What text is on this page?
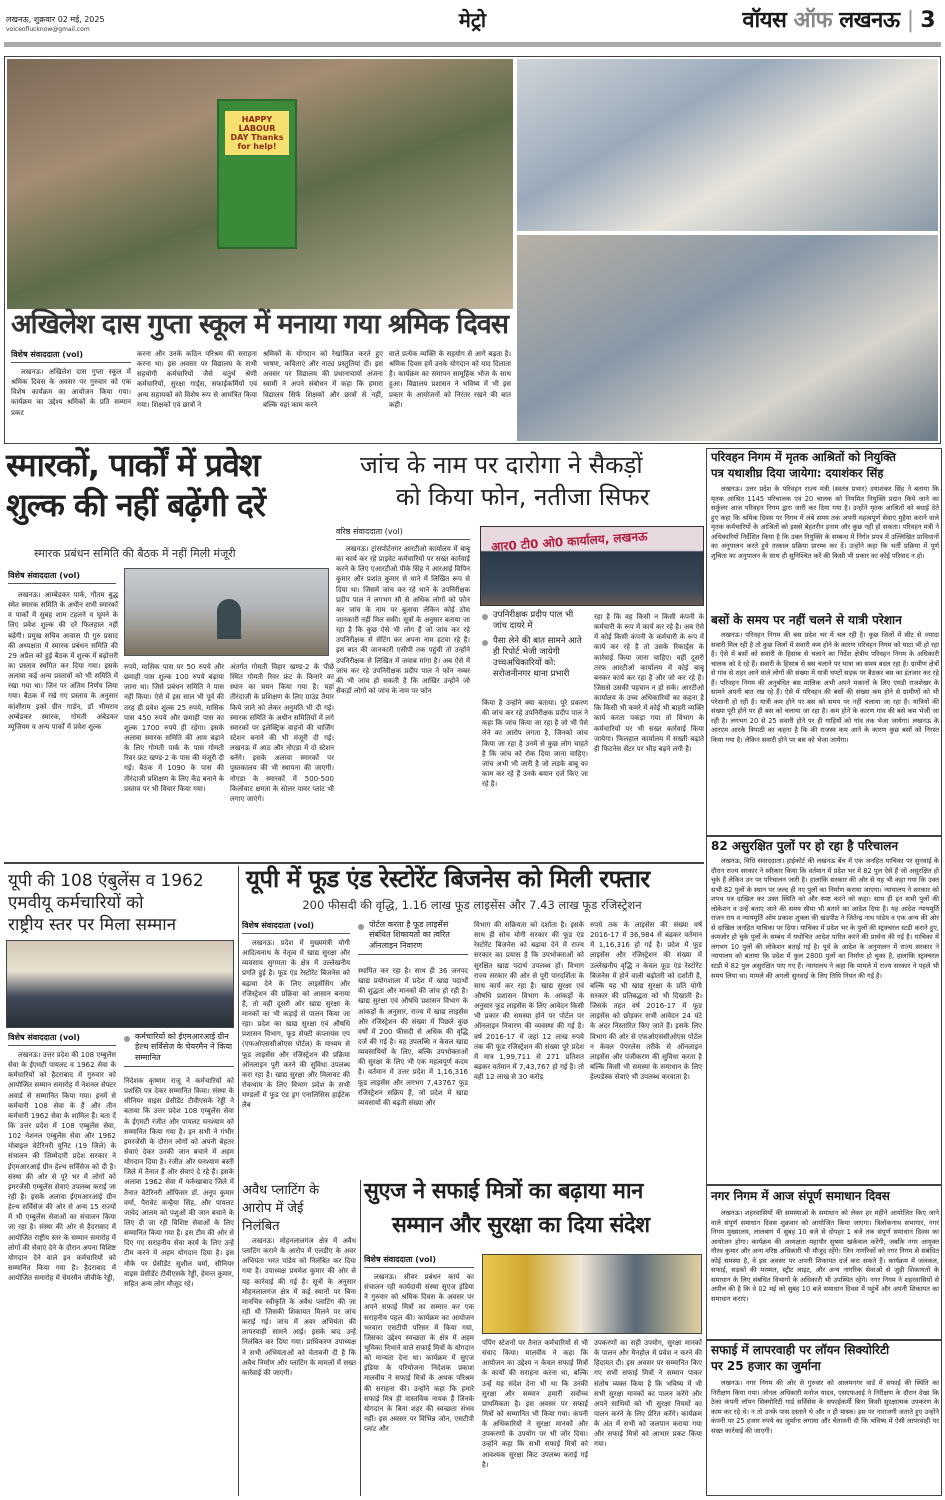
लखनऊ, शुक्रवार 02 मई, 2025
voiceoflucknow@gmail.com	मेट्रो	वॉयस ऑफ लखनऊ | 3
HAPPY LABOUR DAY Thanks for help!
अखिलेश दास गुप्ता स्कूल में मनाया गया श्रमिक दिवस
विशेष संवाददाता (vol)
लखनऊ। अखिलेश दास गुप्ता स्कूल में श्रमिक दिवस के अवसर पर गुरुवार को एक विशेष कार्यक्रम का आयोजन किया गया। कार्यक्रम का उद्देश्य श्रमिकों के प्रति सम्मान प्रकट
करना और उनके कठिन परिश्रम की सराहना करना था। इस अवसर पर विद्यालय के सभी सहयोगी कर्मचारियों जैसे चतुर्थ श्रेणी कर्मचारियों, सुरक्षा गार्ड्स, सफाईकर्मियों एवं अन्य सहायकों को विशेष रूप से आमंत्रित किया गया। शिक्षकों एवं छात्रों ने
श्रमिकों के योगदान को रेखांकित करते हुए भाषण, कविताएं और नाट्य प्रस्तुतियां दीं। इस अवसर पर विद्यालय की प्रधानाचार्या अंजना स्वामी ने अपने संबोधन में कहा कि हमारा विद्यालय सिर्फ शिक्षकों और छात्रों से नहीं, बल्कि यहां काम करने
वाले प्रत्येक व्यक्ति के सहयोग से आगे बढ़ता है। श्रमिक दिवस हमें उनके योगदान को याद दिलाता है। कार्यक्रम का समापन सामूहिक भोज के साथ हुआ। विद्यालय प्रशासन ने भविष्य में भी इस प्रकार के आयोजनों को निरंतर रखने की बात कही।
स्मारकों, पार्कों में प्रवेश
शुल्क की नहीं बढ़ेंगी दरें
स्मारक प्रबंधन समिति की बैठक में नहीं मिली मंजूरी
विशेष संवाददाता (vol)
लखनऊ। आम्बेडकर पार्क, गौतम बुद्ध स्मेत स्मारक समिति के अधीन सभी स्मारकों व पार्कों में सुबह शाम टहलने व घूमने के लिए प्रवेश शुल्क की दरें फिलहाल नहीं बढ़ेंगी। प्रमुख सचिव आवास पी गुरु प्रसाद की अध्यक्षता में स्मारक प्रबंधन समिति की 29 अप्रैल को हुई बैठक में शुल्क में बढ़ोत्तरी का प्रस्ताव स्थगित कर दिया गया। इसके अलावा कई अन्य प्रस्तावों को भी समिति में रखा गया था। जिन पर अंतिम निर्णय लिया गया। बैठक में रखे गए प्रस्ताव के अनुसार कांशीराम इको ग्रीन गार्डन, डॉ भीमराव अम्बेडकर स्मारक, गोमती अंबेडकर म्यूजियम व अन्य पार्कों में प्रवेश शुल्क
रुपये, मासिक पास पर 50 रुपये और छमाही पास शुल्क 100 रुपये बढ़ाया जाना था। जिसे प्रबंधन समिति ने पास नहीं किया। ऐसे में इस साल भी पूर्व की तरह ही प्रवेश शुल्क 25 रुपये, मासिक पास 450 रुपये और छमाही पास का शुल्क 1700 रुपये ही रहेगा। इसके अलावा स्मारक समिति की आय बढ़ाने के लिए गोमती पार्क के पास गोमती रिवर फ्रंट खण्ड-2 के पास की मंजूरी दी गई। बैठक में 1090 के पास की तीरंदाजी प्रशिक्षण के लिए केंद्र बनाने के प्रस्ताव पर भी विचार किया गया।
अंतर्गत गोमती विहार खण्ड-2 के पीछे स्थित गोमती रिवर फ्रंट के किनारे का स्थान का चयन किया गया है। यहां तीरंदाजी के प्रशिक्षण के लिए ग्राउंड तैयार किये जाने को लेकर अनुमति भी दी गई। स्मारक समिति के अधीन समितियों में लगे स्मारकों पर इलेक्ट्रिक वाहनों की चार्जिंग स्टेशन बनाने की भी मंजूरी दी गई। लखनऊ में आठ और नोएडा में दो स्टेशन बनेंगे। इसके अलावा स्मारकों पर पुस्तकालय की भी स्थापना की जाएगी। नोएडा के स्मारकों में 500-500 किलोवाट क्षमता के सोलर पावर प्लांट भी लगाए जाएंगे।
जांच के नाम पर दारोगा ने सैकड़ों
को किया फोन, नतीजा सिफर
वरिष्ठ संवाददाता (vol)	आर0 टी0 ओ0 कार्यालय, लखनऊ
लखनऊ। ट्रांसपोर्टनगर आरटीओ कार्यालय में बाबू का कार्य कर रहे प्राइवेट कर्मचारियों पर सख्त कार्रवाई करने के लिए एआरटीओ पीके सिंह ने आरआई विपिन कुमार और प्रशांत कुमार से थाने में लिखित रूप से दिया था। जिसमें जांच कर रहे थाने के उपनिरीक्षक प्रदीप पाल ने लगभग सौ से अधिक लोगों को फोन कर जांच के नाम पर बुलाया लेकिन कोई ठोस जानकारी नहीं मिल सकी। सूत्रों के अनुसार बताया जा रहा है कि कुछ ऐसे भी लोग हैं जो जांच कर रहे उपनिरीक्षक से सेटिंग कर अपना नाम हटवा रहे हैं। इस बात की जानकारी एसीपी तक पहुंची तो उन्होंने उपनिरीक्षक से लिखित में जवाब मांगा है। अब ऐसे में जांच कर रहे उपनिरीक्षक प्रदीप पाल ने फोन नम्बर की भी जांच हो सकती है कि आखिर उन्होंने जो सैकड़ों लोगों को जांच के नाम पर फोन
उपनिरीक्षक प्रदीप पाल भी जांच दायरे में
पैसा लेने की बात सामने आते ही रिपोर्ट भेजी जायेगी उच्चअधिकारियों को: सरोजनीनगर थाना प्रभारी
किया है उन्होंने क्या बताया। पूरे प्रकरण की जांच कर रहे उपनिरीक्षक प्रदीप पाल ने कहा कि जांच किया जा रहा है जो भी पैसे लेने का आरोप लगता है, जिनको जांच किया जा रहा है उनमें से कुछ लोग चाहते है कि जांच को रोक दिया जाना चाहिए। जांच अभी भी जारी है जो लड़के बाबू का काम कर रहे हैं उनके बयान दर्ज किए जा रहे है।
रहा है कि वह किसी न किसी कंपनी के कर्मचारी के रूप में कार्य कर रहे है। अब ऐसे में कोई किसी कंपनी के कर्मचारी के रूप में कार्य कर रहे है तो उसके रिकार्ड्स के कार्रवाई किया जाना चाहिए। वहीं दूसरी तरफ आरटीओ कार्यालय में कोई बाबू बनकर कार्य कर रहा है और जो कर रहे है। जिससे उसकी पहचान न हो सके। आरटीओ कार्यालय के उच्च अधिकारियों का कहना है कि किसी भी कमरे में कोई भी बाहरी व्यक्ति कार्य करता पकड़ा गया तो विभाग के कर्मचारियों पर भी सख्त कार्रवाई किया जायेगा। फिलहाल कार्यालय में सख्ती बढ़ाते ही फिटनेस सेंटर पर भीड़ बढ़ने लगी है।
परिवहन निगम में मृतक आश्रितों को नियुक्ति
पत्र यथाशीघ्र दिया जायेगा: दयाशंकर सिंह
लखनऊ। उत्तर प्रदेश के परिवहन राज्य मंत्री (स्वतंत्र प्रभार) दयाशंकर सिंह ने बताया कि मृतक आश्रित 1145 परिचालक एवं 20 चालक को नियमित नियुक्ति प्रदान किये जाने का सर्कुलर आज परिवहन निगम द्वारा जारी कर दिया गया है। उन्होंने मृतक आश्रितों को बधाई देते हुए कहा कि श्रमिक दिवस पर निगम में लंबे समय तक अपनी महत्वपूर्ण सेवाएं मुहैया कराने वाले मृतक कर्मचारियों के आश्रितों को इससे बेहतरीन इनाम और कुछ नहीं हो सकता। परिवहन मंत्री ने अधिकारियों निर्देशित किया है कि उक्त नियुक्ति के सम्बन्ध में निर्गत प्रपत्र में उल्लिखित प्राविधानों का अनुपालन करते हुये तत्काल प्रक्रिया प्रारम्भ कर दें। उन्होंने कहा कि भर्ती प्रक्रिया में पूर्ण शुचिता का अनुपालन के साथ ही सुनिश्चित करें की किसी भी प्रकार का कोई परिवाद न हो।
बसों के समय पर नहीं चलने से यात्री परेशान
लखनऊ। परिवहन निगम की बस प्रदेश भर में चल रही है। कुछ जिलों में सीट से ज्यादा सवारी मिल रही है तो कुछ जिलों में सवारी कम होने के कारण परिवहन निगम को घाटा भी हो रहा है। ऐसे में बसों को सवारी के हिसाब से चलाने का निर्देश क्षेत्रीय परिवहन निगम के अधिकारी चालक को दे रहे हैं। सवारी के हिसाब से बस चलाने पर यात्रा का समय बदल रहा है। ग्रामीण क्षेत्रों से गांव से शहर आने वाले लोगों की संख्या में यात्री घण्टों सड़क पर बैठकर बस का इंतजार कर रहे हैं। परिवहन निगम की अनुबंधित बस मालिक अभी अपने मकानों के लिए एमडी राजशेखर के सामने अपनी बात रख रहे हैं। ऐसे में परिवहन की बसों की संख्या कम होने से ग्रामीणों को भी परेशानी हो रही है। यात्री कम होने पर बस को समय पर नहीं चलाया जा रहा है। यात्रियों की संख्या पूरी होने पर ही बस को चलाया जा रहा है। कम होने के कारण गांव की बसे कम भेजी जा रही है। लगभग 20 से 25 सवारी होने पर ही गाड़ियों को गांव तक भेजा जायेगा। लखनऊ के आरएम आरके त्रिपाठी का कहना है कि की राजस्व कम आने के कारण कुछ बसों को निरस्त किया गया है। लेकिन सवारी होने पर बस को भेजा जायेगा।
82 असुरक्षित पुलों पर हो रहा है परिचालन
लखनऊ, विधि संवाददाता। हाईकोर्ट की लखनऊ बेंच में एक जनहित याचिका पर सुनवाई के दौरान राज्य सरकार ने स्वीकार किया कि वर्तमान में प्रदेश भर में 82 पुल ऐसे हैं जो असुरक्षित हो चुके हैं लेकिन उन पर परिचालन जारी है। हालांकि सरकार की ओर से यह भी कहा गया कि उक्त सभी 82 पुलों के स्थान पर जल्द ही नए पुलों का निर्माण कराया जाएगा। न्यायालय ने सरकार को शपथ पत्र दाखिल कर उक्त स्थिति को और स्पष्ट करने को कहा। साथ ही इन सभी पुलों की लोकेशन व उन्हें बनाए जाने की समय सीमा भी बताने का आदेश दिया है। यह आदेश न्यायमूर्ति राजन राय व न्यायमूर्ति ओम प्रकाश शुक्ला की खंडपीठ ने जितेन्द्र नाथ पांडेय व एक अन्य की ओर से दाखिल जनहित याचिका पर दिया। याचिका में प्रदेश भर के पुलों की स्ट्रक्चरल स्टडी कराने हुए, कमजोर हो चुके पुलों के सम्बंध में यथोचित आदेश पारित करने की प्रार्थना की गई है। याचिका में लगभग 10 पुलों की लोकेशन बताई गई है। पूर्व के आदेश के अनुपालन में राज्य सरकार ने न्यायालय को बताया कि प्रदेश में कुल 2800 पुलों का निर्माण हो चुका है, हालांकि स्ट्रक्चरल स्टडी में 82 पुल असुरक्षित पाए गए हैं। न्यायालय ने कहा कि मामले में राज्य सरकार ने पहले भी समय लिया था। मामले की अगली सुनवाई के लिए तिथि नियत की गई है।
नगर निगम में आज संपूर्ण समाधान दिवस
लखनऊ। शहरवासियों की समस्याओं के समाधान को लेकर हर महीने आयोजित किए जाने वाले संपूर्ण समाधान दिवस शुक्रवार को आयोजित किया जाएगा। त्रिलोकनाथ सभागार, नगर निगम मुख्यालय, लालबाग में सुबह 10 बजे से दोपहर 1 बजे तक संपूर्ण समाधान दिवस का आयोजन होगा। कार्यक्रम की अध्यक्षता महापौर सुषमा खर्कवाल करेंगी, जबकि नगर आयुक्त गौरव कुमार और अन्य वरिष्ठ अधिकारी भी मौजूद रहेंगे। जिन नागरिकों को नगर निगम से संबंधित कोई समस्या है, वे इस अवसर पर अपनी शिकायत दर्ज करा सकते हैं। कार्यक्रम में जलकल, सफाई, सड़कों की मरम्मत, स्ट्रीट लाइट, और अन्य नागरिक सेवाओं से जुड़ी शिकायतों के समाधान के लिए संबंधित विभागों के अधिकारी भी उपस्थित रहेंगे। नगर निगम ने शहरवासियों से अपील की है कि वे 02 मई को सुबह 10 बजे समाधान दिवस में पहुंचें और अपनी शिकायत का समाधान कराएं।
सफाई में लापरवाही पर लॉयन सिक्योरिटी
पर 25 हजार का जुर्माना
लखनऊ। नगर निगम की ओर से गुरुवार को आलमनगर वार्ड में सफाई की स्थिति का निरीक्षण किया गया। जोनल अधिकारी मनोज यादव, एसएफआई ने निरीक्षण के दौरान देखा कि ठेका कंपनी लॉयन सिक्योरिटी गार्ड सर्विसेस के सफाईकर्मी बिना किसी सुरक्षात्मक उपकरण के काम कर रहे थे। न तो उनके पास दस्ताने थे और न ही मास्क। इस पर नाराजगी जताते हुए उन्होंने कंपनी पर 25 हजार रुपये का जुर्माना लगाया और चेतावनी दी कि भविष्य में ऐसी लापरवाही पर सख्त कार्रवाई की जाएगी।
यूपी की 108 एंबुलेंस व 1962
एमवीयू कर्मचारियों को
राष्ट्रीय स्तर पर मिला सम्मान
विशेष संवाददाता (vol)
लखनऊ। उत्तर प्रदेश की 108 एम्बुलेंस सेवा के ईएमटी पायलट व 1962 सेवा के कर्मचारियों को हैदराबाद में गुरुवार को आयोजित सम्मान समारोह में नेशनल सेफ्टर अवार्ड से सम्मानित किया गया। इनमें से कर्मचारी 108 सेवा के हैं और तीन कर्मचारी 1962 सेवा के शामिल हैं। बता दें कि उत्तर प्रदेश में 108 एम्बुलेंस सेवा, 102 नेशनल एम्बुलेंस सेवा और 1962 मोबाइल वेटेरिनरी यूनिट (19 जिले) के संचालन की जिम्मेदारी प्रदेश सरकार ने ईएमआरआई ग्रीन हेल्थ सर्विसेज को दी है। संस्था की ओर से पूरे भर में लोगों को इमरजेंसी एम्बुलेंस सेवाएं उपलब्ध कराई जा रही हैं। इसके अलावा ईएमआरआई ग्रीन हेल्थ सर्विसेज की ओर से अन्य 15 राज्यों में भी एम्बुलेंस सेवाओं का संचालन किया जा रहा है। संस्था की ओर से हैदराबाद में आयोजित राष्ट्रीय स्तर के सम्मान समारोह में लोगों की सेवाएं देने के दौरान अपना विशिष्ट योगदान देने वाले इन कर्मचारियों को सम्मानित किया गया है। हैदराबाद में आयोजित समारोह में चेयरमैन जीवीके रेड्डी,
कर्मचारियों को ईएमआरआई ग्रीन हेल्थ सर्विसेज के चेयरमैन ने किया सम्मानित
निदेशक कृष्णम राजू ने कर्मचारियों को प्रशस्ति पत्र देकर सम्मानित किया। संस्था के सीनियर वाइस प्रेसीडेंट टीवीएसके रेड्डी ने बताया कि उत्तर प्रदेश 108 एम्बुलेंस सेवा के ईएमटी रंजीत और पायलट घनश्याम को सम्मानित किया गया है। इन सभी ने गंभीर इमरजेंसी के दौरान लोगों को अपनी बेहतर सेवाएं देकर उनकी जान बचाने में अहम योगदान दिया है। रंजीत और घनश्याम बस्ती जिले में तैनात हैं और सेवाएं दे रहे हैं। इसके अलावा 1962 सेवा में फर्रुखाबाद जिले में तैनात वेटेरिनरी ऑफिसर डॉ. अनूप कुमार वर्मा, पैरावेट कन्हैया सिंह, और पायलट जावेद आलम को पशुओं की जान बचाने के लिए दी जा रही विशिष्ट सेवाओं के लिए सम्मानित किया गया है। इस टीम की ओर से दिए गए सराहनीय सेवा कार्य के लिए उन्हें टीम करने में अहम योगदान दिया है। इस मौके पर प्रेसीडेंट सुशील वर्मा, सीनियर वाइस प्रेसीडेंट टीवीएसके रेड्डी, हेमन्त कुमार, सहित अन्य लोग मौजूद रहे।
यूपी में फूड एंड रेस्टोरेंट बिजनेस को मिली रफ्तार
200 फीसदी की वृद्धि, 1.16 लाख फूड लाइसेंस और 7.43 लाख फूड रजिस्ट्रेशन
विशेष संवाददाता (vol)
लखनऊ। प्रदेश में मुख्यमंत्री योगी आदित्यनाथ के नेतृत्व में खाद्य सुरक्षा और व्यवसाय सुगमता के क्षेत्र में उल्लेखनीय प्रगति हुई है। फूड एंड रेस्टोरेंट बिजनेस को बढ़ावा देने के लिए लाइसेंसिंग और रजिस्ट्रेशन की प्रक्रिया को आसान बनाया है, तो वहीं दूसरी ओर खाद्य सुरक्षा के मानकों का भी कड़ाई से पालन किया जा रहा। प्रदेश का खाद्य सुरक्षा एवं औषधि प्रशासन विभाग, फूड सेफ्टी कंप्लायंस एप (एफओएससीओएस पोर्टल) के माध्यम से फूड लाइसेंस और रजिस्ट्रेशन की प्रक्रिया ऑनलाइन पूरी करने की सुविधा उपलब्ध करा रहा है। खाद्य सुरक्षा और मिलावट की रोकथाम के लिए विभाग प्रदेश के सभी मण्डलों में फूड एंड ड्रग एनालिसिस हाईटेक लैब
पोर्टल करता है फूड लाइसेंस संबंधित शिकायतों का त्वरित ऑनलाइन निवारण
स्थापित कर रहा है। साथ ही 36 जनपद खाद्य प्रयोगशाला में प्रदेश में खाद्य पदार्थों की शुद्धता और मानकों की जांच हो रही है। खाद्य सुरक्षा एवं औषधि प्रशासन विभाग के आंकड़ों के अनुसार, राज्य में खाद्य लाइसेंस और रजिस्ट्रेशन की संख्या में पिछले कुछ वर्षों में 200 फीसदी से अधिक की वृद्धि दर्ज की गई है। वह उपलब्धि न केवल खाद्य व्यवसायियों के लिए, बल्कि उपभोक्ताओं की सुरक्षा के लिए भी एक महत्वपूर्ण कदम है। वर्तमान में उत्तर प्रदेश में 1,16,316 फूड लाइसेंस और लगभग 7,43767 फूड रजिस्ट्रेशन सक्रिय हैं, जो प्रदेश में खाद्य व्यवसायों की बढ़ती संख्या और
विभाग की सक्रियता को दर्शाता है। इसके साथ ही सोच योगी सरकार की फूड एंड रेस्टोरेंट बिजनेस को बढ़ावा देने में राज्य सरकार का प्रयास है कि उपभोक्ताओं को सुरक्षित खाद्य पदार्थ उपलब्ध हों। विभाग राज्य सरकार की ओर से पूरी पारदर्शिता के साथ कार्य कर रहा है। खाद्य सुरक्षा एवं औषधि प्रशासन विभाग के आंकड़ों के अनुसार फूड लाइसेंस के लिए आवेदन किसी भी प्रकार की समस्या होने पर पोर्टल पर ऑनलाइन निवारण की व्यवस्था की गई है। वर्ष 2016-17 में जहां 12 लाख रुपये तक की फूड रजिस्ट्रेशन की संख्या पूरे प्रदेश में मात्र 1,99,711 से 271 प्रतिशत बढ़कर वर्तमान में 7,43,767 हो गई है। तो वहीं 12 लाख से 30 करोड़
रुपये तक के लाइसेंस की संख्या वर्ष 2016-17 में 36,984 से बढ़कर वर्तमान में 1,16,316 हो गई है। प्रदेश में फूड लाइसेंस और रजिस्ट्रेशन की संख्या में उल्लेखनीय वृद्धि न केवल फूड एंड रेस्टोरेंट बिजनेस में होने वाली बढ़ोतरी को दर्शाती है, बल्कि यह भी खाद्य सुरक्षा के प्रति योगी सरकार की प्रतिबद्धता को भी दिखाती है। जिसके तहत वर्ष 2016-17 में फूड लाइसेंस को छोड़कर सभी आवेदन 24 घंटे के अंदर निस्तारित किए जाते हैं। इसके लिए विभाग की ओर से एफओएससीओएस पोर्टल न केवल पेपरलेस तरीके से ऑनलाइन लाइसेंस और पंजीकरण की सुविधा करता है बल्कि किसी भी समस्या के समाधान के लिए हेल्पडेस्क सेवाएं भी उपलब्ध करवाता है।
अवैध प्लाटिंग के
आरोप में जेई
निलंबित
लखनऊ। मोहनलालगंज क्षेत्र में अवैध प्लाटिंग कराने के आरोप में एलडीए के अवर अभियंता भरत पांडेय को निलंबित कर दिया गया है। उपाध्यक्ष प्रथमेश कुमार की ओर से यह कार्रवाई की गई है। सूत्रों के अनुसार मोहनलालगंज क्षेत्र में कई स्थानों पर बिना मानचित्र स्वीकृति के अवैध प्लाटिंग की जा रही थी जिसकी शिकायत मिलने पर जांच कराई गई। जांच में अवर अभियंता की लापरवाही सामने आई। इसके बाद उन्हें निलंबित कर दिया गया। प्राधिकरण उपाध्यक्ष ने सभी अभियंताओं को चेतावनी दी है कि अवैध निर्माण और प्लाटिंग के मामलों में सख्त कार्रवाई की जाएगी।
सुएज ने सफाई मित्रों का बढ़ाया मान
सम्मान और सुरक्षा का दिया संदेश
विशेष संवाददाता (vol)
लखनऊ। सीवर प्रबंधन कार्य का संचालन रही कार्यदायी संस्था सुएज इंडिया ने गुरुवार को श्रमिक दिवस के अवसर पर अपने सफाई मित्रों का सम्मान कर एक सराहनीय पहल की। कार्यक्रम का आयोजन भरवारा एसटीपी परिसर में किया गया, जिसका उद्देश्य स्वच्छता के क्षेत्र में अहम भूमिका निभाने वाले सफाई मित्रों के योगदान को मान्यता देना था। कार्यक्रम में सुएज इंडिया के परियोजना निदेशक प्रकाश मालवीय ने सफाई मित्रों के अथक परिश्रम की सराहना की। उन्होंने कहा कि हमारे सफाई मित्र ही वास्तविक नायक हैं जिनके योगदान के बिना शहर की स्वच्छता संभव नहीं। इस अवसर पर विभिन्न जोन, एसटीपी प्लांट और
पंपिंग स्टेशनों पर तैनात कर्मचारियों से भी संवाद किया। मालवीय ने कहा कि आयोजन का उद्देश्य न केवल सफाई मित्रों के कार्यों की सराहना करना था, बल्कि उन्हें यह संदेश देना भी था कि उनकी सुरक्षा और सम्मान हमारी सर्वोच्च प्राथमिकता है। इस अवसर पर सफाई मित्रों को सम्मानित भी किया गया। कंपनी के अधिकारियों ने सुरक्षा मानकों और उपकरणों के उपयोग पर भी जोर दिया। उन्होंने कहा कि सभी सफाई मित्रों को आवश्यक सुरक्षा किट उपलब्ध कराई गई है।
उपकरणों का सही उपयोग, सुरक्षा मानकों के पालन और मैनहोल में प्रवेश न करने की हिदायत दी। इस अवसर पर सम्मानित किए गए सभी सफाई मित्रों ने सम्मान पाकर संतोष व्यक्त किया है कि भविष्य में भी सभी सुरक्षा मानकों का पालन करेंगे और अपने साथियों को भी सुरक्षा नियमों का पालन करने के लिए प्रेरित करेंगे। कार्यक्रम के अंत में सभी को जलपान कराया गया और सफाई मित्रों को आभार प्रकट किया गया।
